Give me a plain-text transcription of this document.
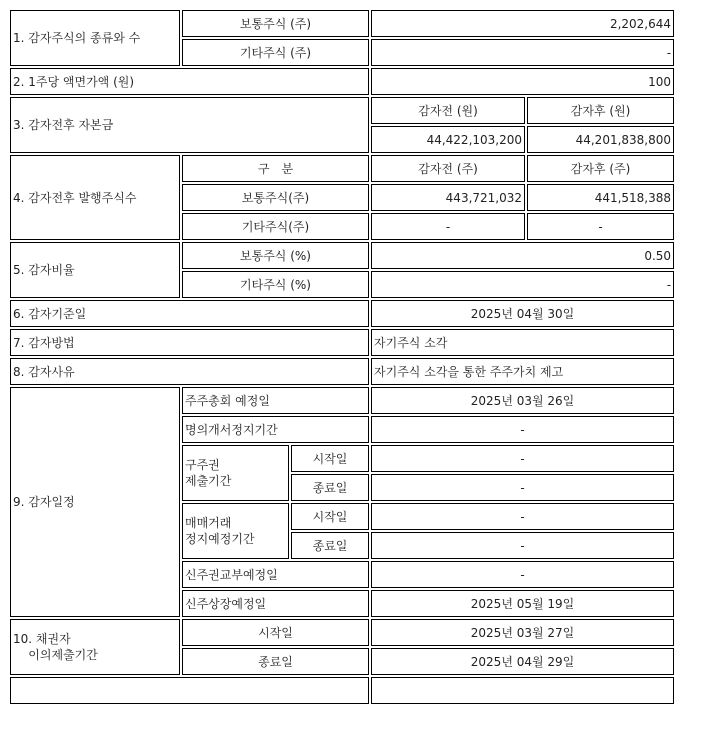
1. 감자주식의 종류와 수	보통주식 (주)		2,202,644	
	기타주식 (주)		-	
2. 1주당 액면가액 (원)			100	
3. 감자전후 자본금			감자전 (원)	감자후 (원)
			44,422,103,200	44,201,838,800
4. 감자전후 발행주식수	구　분		감자전 (주)	감자후 (주)
	보통주식(주)		443,721,032	441,518,388
	기타주식(주)		-	-
5. 감자비율	보통주식 (%)		0.50	
	기타주식 (%)		-	
6. 감자기준일			2025년 04월 30일	
7. 감자방법			자기주식 소각	
8. 감자사유			자기주식 소각을 통한 주주가치 제고	
9. 감자일정	주주총회 예정일		2025년 03월 26일	
	명의개서정지기간		-	
	구주권
제출기간	시작일	-	
		종료일	-	
	매매거래
정지예정기간	시작일	-	
		종료일	-	
	신주권교부예정일		-	
	신주상장예정일		2025년 05월 19일	
10. 채권자
이의제출기간	시작일		2025년 03월 27일	
	종료일		2025년 04월 29일	
